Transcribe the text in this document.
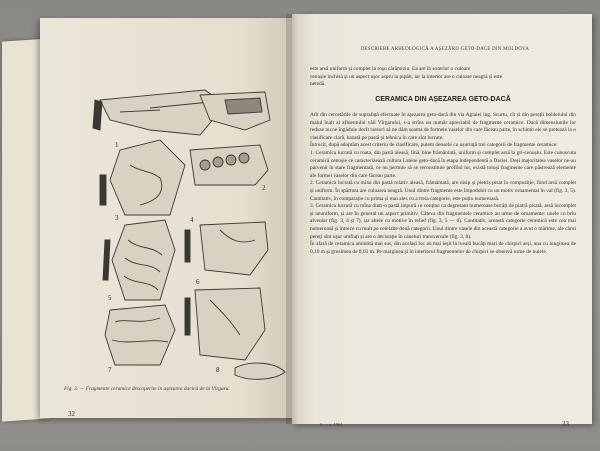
1
2
3	4
5
6
7	8
Fig. 3. — Fragmente ceramice descoperite in așezarea dacică de la Vîrgaru.
32
DESCRIERE ARHEOLOGICĂ A AȘEZĂRII GETO-DACE DIN MOLDOVA

este arsă uniform și complet la roșu cărămiziu. Ea are în exterior o culoare

cenușie închisă și un aspect ușor aspru la pipăit, iar la interior are o culoare neagră și este

netedă.

CERAMICA DIN AȘEZAREA GETO-DACĂ

Atît din cercetările de suprafață efectuate în așezarea geto-dacă din via Aglaiei ing. Scurtu, cît și din pereții boldeiului din malul înalt al afluentului văii Vîrgarului, s-a strîns un număr apreciabil de fragmente ceramice. Dacă dimensiunile lor reduse nu ne îngăduie decît rareori să ne dăm seama de formele vaselor din care făceau parte, în schimb ele se pretează la o clasificare clară, bazată pe pastă și tehnica în care sînt lucrate.

Întrucît, după adoptăm acest criteriu de clasificare, putem deosebi cu ușurință trei categorii de fragmente ceramice:

1. Ceramica lucrată cu roata, din pastă aleasă, fină, bine frământată, uniform și complet arsă la gri-cenușiu. Este cunoscuta ceramică cenușie ce caracterizează cultura Latène geto-dacă în etapa independentă a Daciei. Deși majoritatea vaselor ne-au parvenit în stare fragmentară, ce nu permite să se reconstituie profilul lor, există totuși fragmente care păstrează elemente ale formei vaselor din care făceau parte.

2. Ceramica lucrată cu mîna din pastă relativ aleasă, frământată, are nisip și pietriș pisat în compoziție, fiind arsă complet și uniform. În spărtura are culoarea neagră. Unul dintre fragmente este împodobit cu un motiv ornamental în val (fig. 3, 5). Cantitativ, în comparație cu prima și mai ales cu a treia categorie, este puțin numeroasă.

3. Ceramica lucrată cu mîna dintr-o pastă impură ce conține ca degresant numeroase bucăți de piatră pisată, arsă incomplet și neuniform, și are în general un aspect primitiv. Câteva din fragmentele ceramice au urme de ornamente: unele cu brîu alveolar (fig. 3, 4 și 7), iar altele cu motive în relief (fig. 3, 5 — 6). Cantitativ, această categorie ceramică este cea mai numeroasă și întrece cu mult pe celelalte două categorii. Unul dintre vasele din această categorie a avut o mărime, ale cărui pereți sînt ușor umflați și are o decorație în caneluri transversale (fig. 3, 8).

În afară de ceramica amintită mai sus, din același loc au mai ieșit la iveală bucăți mari de chirpici arși, una cu lungimea de 0,10 m și grosimea de 0,03 m. Pe marginea și în interiorul fragmentelor de chirpici se observă urme de nuiele.

3 — c. 1961	33
